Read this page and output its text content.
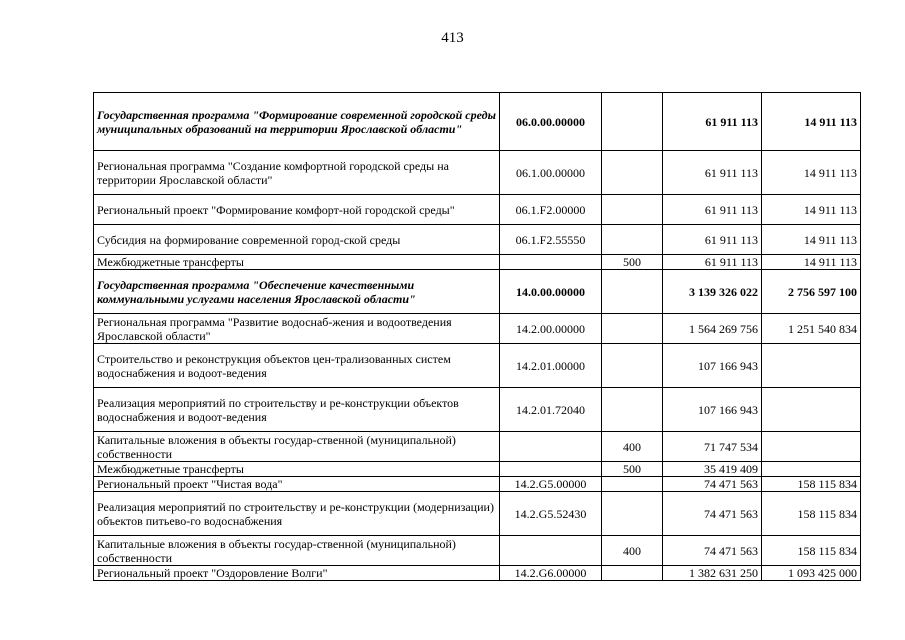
413
Государственная программа "Формирование современной городской среды муниципальных образований на территории Ярославской области"	06.0.00.00000		61 911 113	14 911 113
Региональная программа "Создание комфортной городской среды на территории Ярославской области"	06.1.00.00000		61 911 113	14 911 113
Региональный проект "Формирование комфорт-ной городской среды"	06.1.F2.00000		61 911 113	14 911 113
Субсидия на формирование современной город-ской среды	06.1.F2.55550		61 911 113	14 911 113
Межбюджетные трансферты		500	61 911 113	14 911 113
Государственная программа "Обеспечение качественными коммунальными услугами населения Ярославской области"	14.0.00.00000		3 139 326 022	2 756 597 100
Региональная программа "Развитие водоснаб-жения и водоотведения Ярославской области"	14.2.00.00000		1 564 269 756	1 251 540 834
Строительство и реконструкция объектов цен-трализованных систем водоснабжения и водоот-ведения	14.2.01.00000		107 166 943	
Реализация мероприятий по строительству и ре-конструкции объектов водоснабжения и водоот-ведения	14.2.01.72040		107 166 943	
Капитальные вложения в объекты государ-ственной (муниципальной) собственности		400	71 747 534	
Межбюджетные трансферты		500	35 419 409	
Региональный проект "Чистая вода"	14.2.G5.00000		74 471 563	158 115 834
Реализация мероприятий по строительству и ре-конструкции (модернизации) объектов питьево-го водоснабжения	14.2.G5.52430		74 471 563	158 115 834
Капитальные вложения в объекты государ-ственной (муниципальной) собственности		400	74 471 563	158 115 834
Региональный проект "Оздоровление Волги"	14.2.G6.00000		1 382 631 250	1 093 425 000
